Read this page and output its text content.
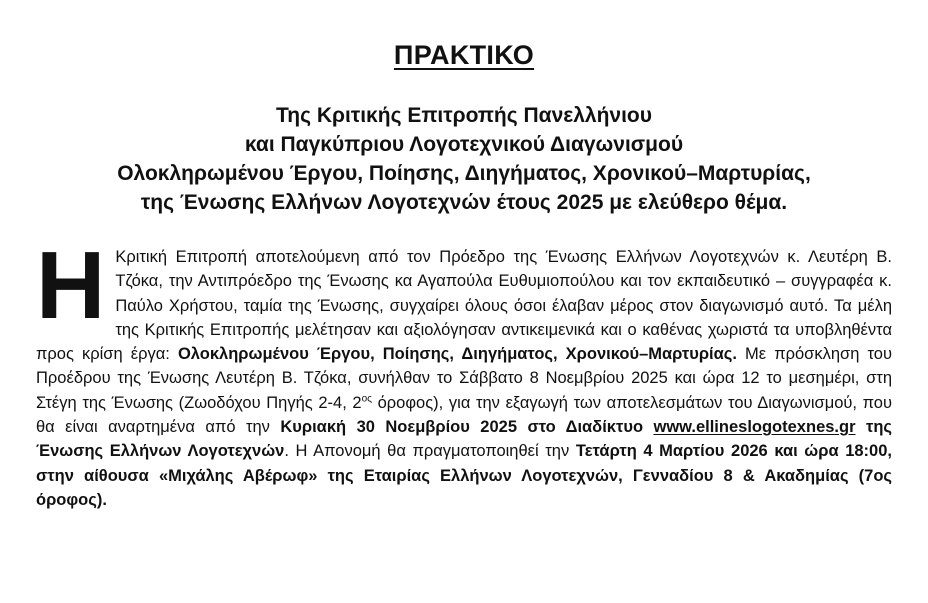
ΠΡΑΚΤΙΚΟ
Της Κριτικής Επιτροπής Πανελλήνιου
και Παγκύπριου Λογοτεχνικού Διαγωνισμού
Ολοκληρωμένου Έργου, Ποίησης, Διηγήματος, Χρονικού–Μαρτυρίας,
της Ένωσης Ελλήνων Λογοτεχνών έτους 2025 με ελεύθερο θέμα.

Η Κριτική Επιτροπή αποτελούμενη από τον Πρόεδρο της Ένωσης Ελλήνων Λογοτεχνών κ. Λευτέρη Β. Τζόκα, την Αντιπρόεδρο της Ένωσης κα Αγαπούλα Ευθυμιοπούλου και τον εκπαιδευτικό – συγγραφέα κ. Παύλο Χρήστου, ταμία της Ένωσης, συγχαίρει όλους όσοι έλαβαν μέρος στον διαγωνισμό αυτό. Τα μέλη της Κριτικής Επιτροπής μελέτησαν και αξιολόγησαν αντικειμενικά και ο καθένας χωριστά τα υποβληθέντα προς κρίση έργα: Ολοκληρωμένου Έργου, Ποίησης, Διηγήματος, Χρονικού–Μαρτυρίας. Με πρόσκληση του Προέδρου της Ένωσης Λευτέρη Β. Τζόκα, συνήλθαν το Σάββατο 8 Νοεμβρίου 2025 και ώρα 12 το μεσημέρι, στη Στέγη της Ένωσης (Ζωοδόχου Πηγής 2-4, $2^{o\varsigma}$ όροφος), για την εξαγωγή των αποτελεσμάτων του Διαγωνισμού, που θα είναι αναρτημένα από την Κυριακή 30 Νοεμβρίου 2025 στο Διαδίκτυο www.ellineslogotexnes.gr της Ένωσης Ελλήνων Λογοτεχνών. Η Απονομή θα πραγματοποιηθεί την Τετάρτη 4 Μαρτίου 2026 και ώρα 18:00, στην αίθουσα «Μιχάλης Αβέρωφ» της Εταιρίας Ελλήνων Λογοτεχνών, Γενναδίου 8 & Ακαδημίας (7ος όροφος).
